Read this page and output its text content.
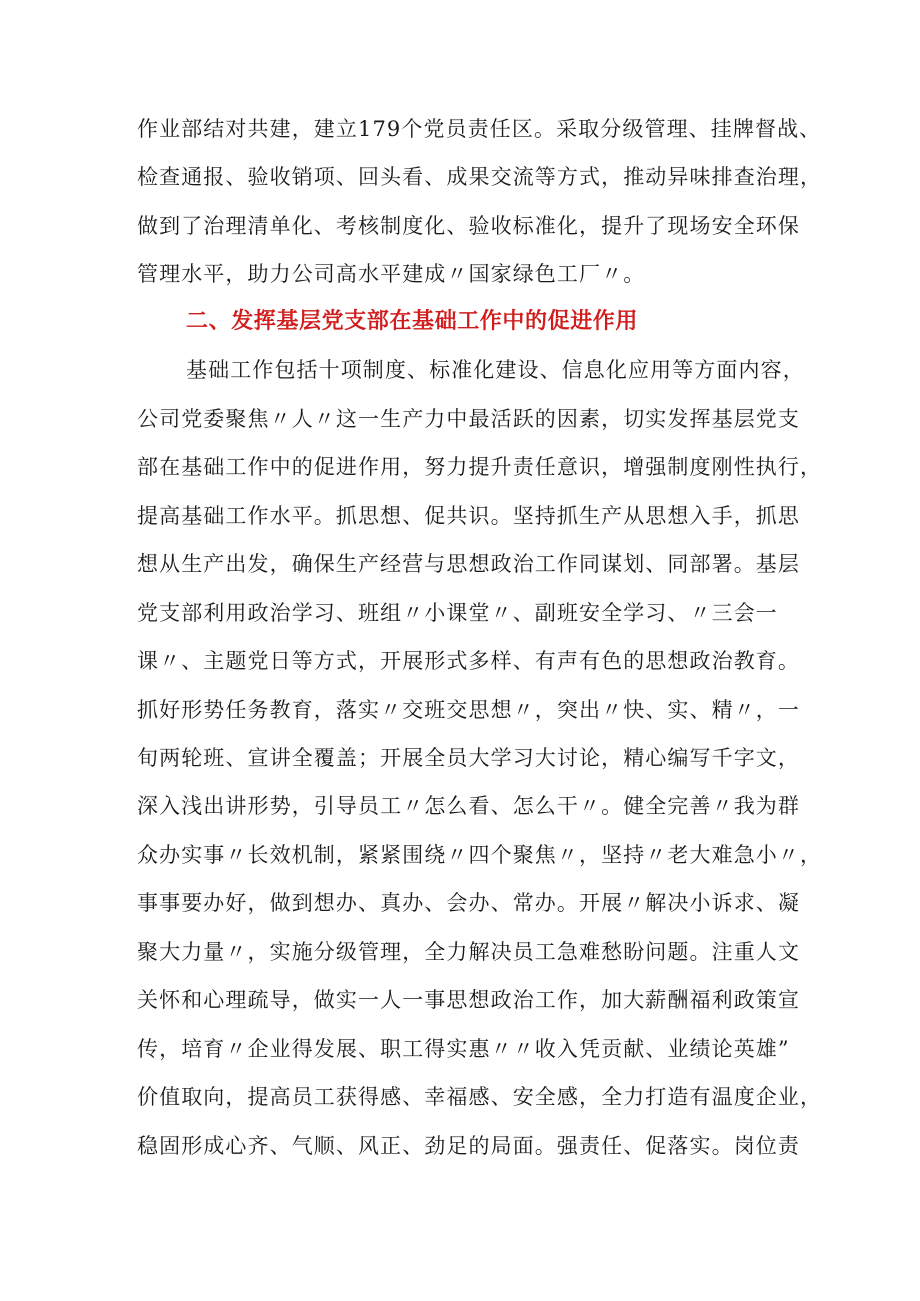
作业部结对共建，建立179个党员责任区。采取分级管理、挂牌督战、
检查通报、验收销项、回头看、成果交流等方式，推动异味排查治理，
做到了治理清单化、考核制度化、验收标准化，提升了现场安全环保
管理水平，助力公司高水平建成〃国家绿色工厂〃。
二、发挥基层党支部在基础工作中的促进作用
基础工作包括十项制度、标准化建设、信息化应用等方面内容，
公司党委聚焦〃人〃这一生产力中最活跃的因素，切实发挥基层党支
部在基础工作中的促进作用，努力提升责任意识，增强制度刚性执行，
提高基础工作水平。抓思想、促共识。坚持抓生产从思想入手，抓思
想从生产出发，确保生产经营与思想政治工作同谋划、同部署。基层
党支部利用政治学习、班组〃小课堂〃、副班安全学习、〃三会一
课〃、主题党日等方式，开展形式多样、有声有色的思想政治教育。
抓好形势任务教育，落实〃交班交思想〃，突出〃快、实、精〃，一
旬两轮班、宣讲全覆盖；开展全员大学习大讨论，精心编写千字文，
深入浅出讲形势，引导员工〃怎么看、怎么干〃。健全完善〃我为群
众办实事〃长效机制，紧紧围绕〃四个聚焦〃，坚持〃老大难急小〃，
事事要办好，做到想办、真办、会办、常办。开展〃解决小诉求、凝
聚大力量〃，实施分级管理，全力解决员工急难愁盼问题。注重人文
关怀和心理疏导，做实一人一事思想政治工作，加大薪酬福利政策宣
传，培育〃企业得发展、职工得实惠〃〃收入凭贡献、业绩论英雄”
价值取向，提高员工获得感、幸福感、安全感，全力打造有温度企业，
稳固形成心齐、气顺、风正、劲足的局面。强责任、促落实。岗位责
